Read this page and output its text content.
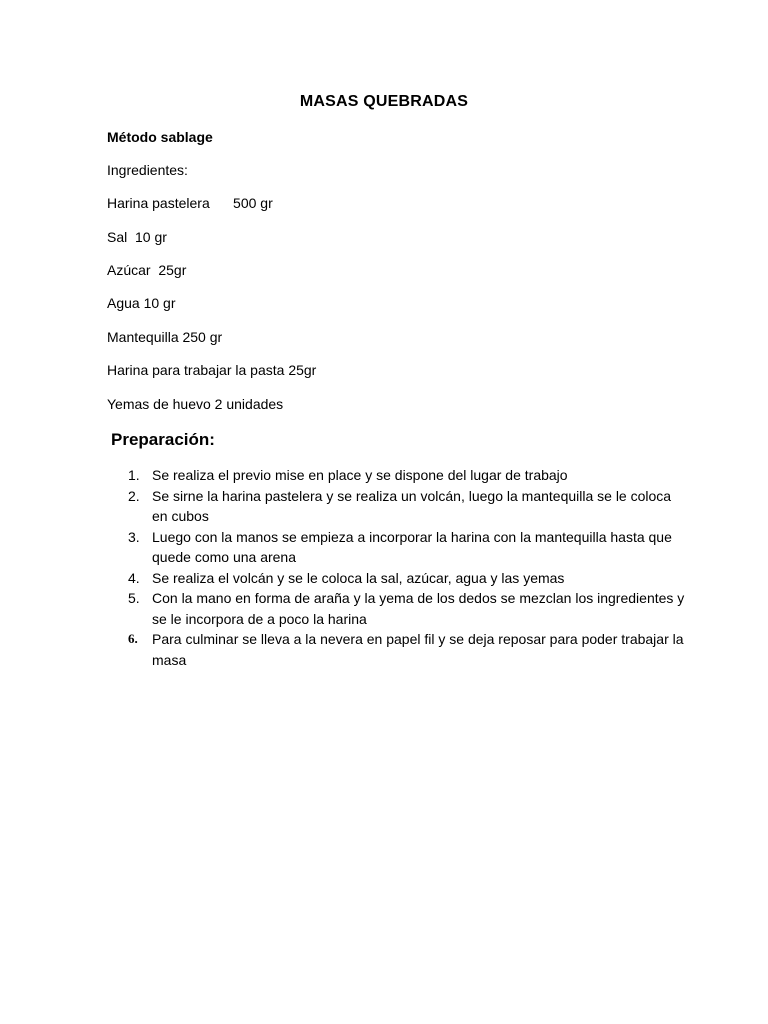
MASAS QUEBRADAS
Método sablage
Ingredientes:
Harina pastelera      500 gr
Sal  10 gr
Azúcar  25gr
Agua 10 gr
Mantequilla 250 gr
Harina para trabajar la pasta 25gr
Yemas de huevo 2 unidades
Preparación:
1. Se realiza el previo mise en place y se dispone del lugar de trabajo
2. Se sirne la harina pastelera y se realiza un volcán, luego la mantequilla se le coloca en cubos
3. Luego con la manos se empieza a incorporar la harina con la mantequilla hasta que quede como una arena
4. Se realiza el volcán y se le coloca la sal, azúcar, agua y las yemas
5. Con la mano en forma de araña y la yema de los dedos se mezclan los ingredientes y se le incorpora de a poco la harina
6.	Para culminar se lleva a la nevera en papel fil y se deja reposar para poder trabajar la masa
